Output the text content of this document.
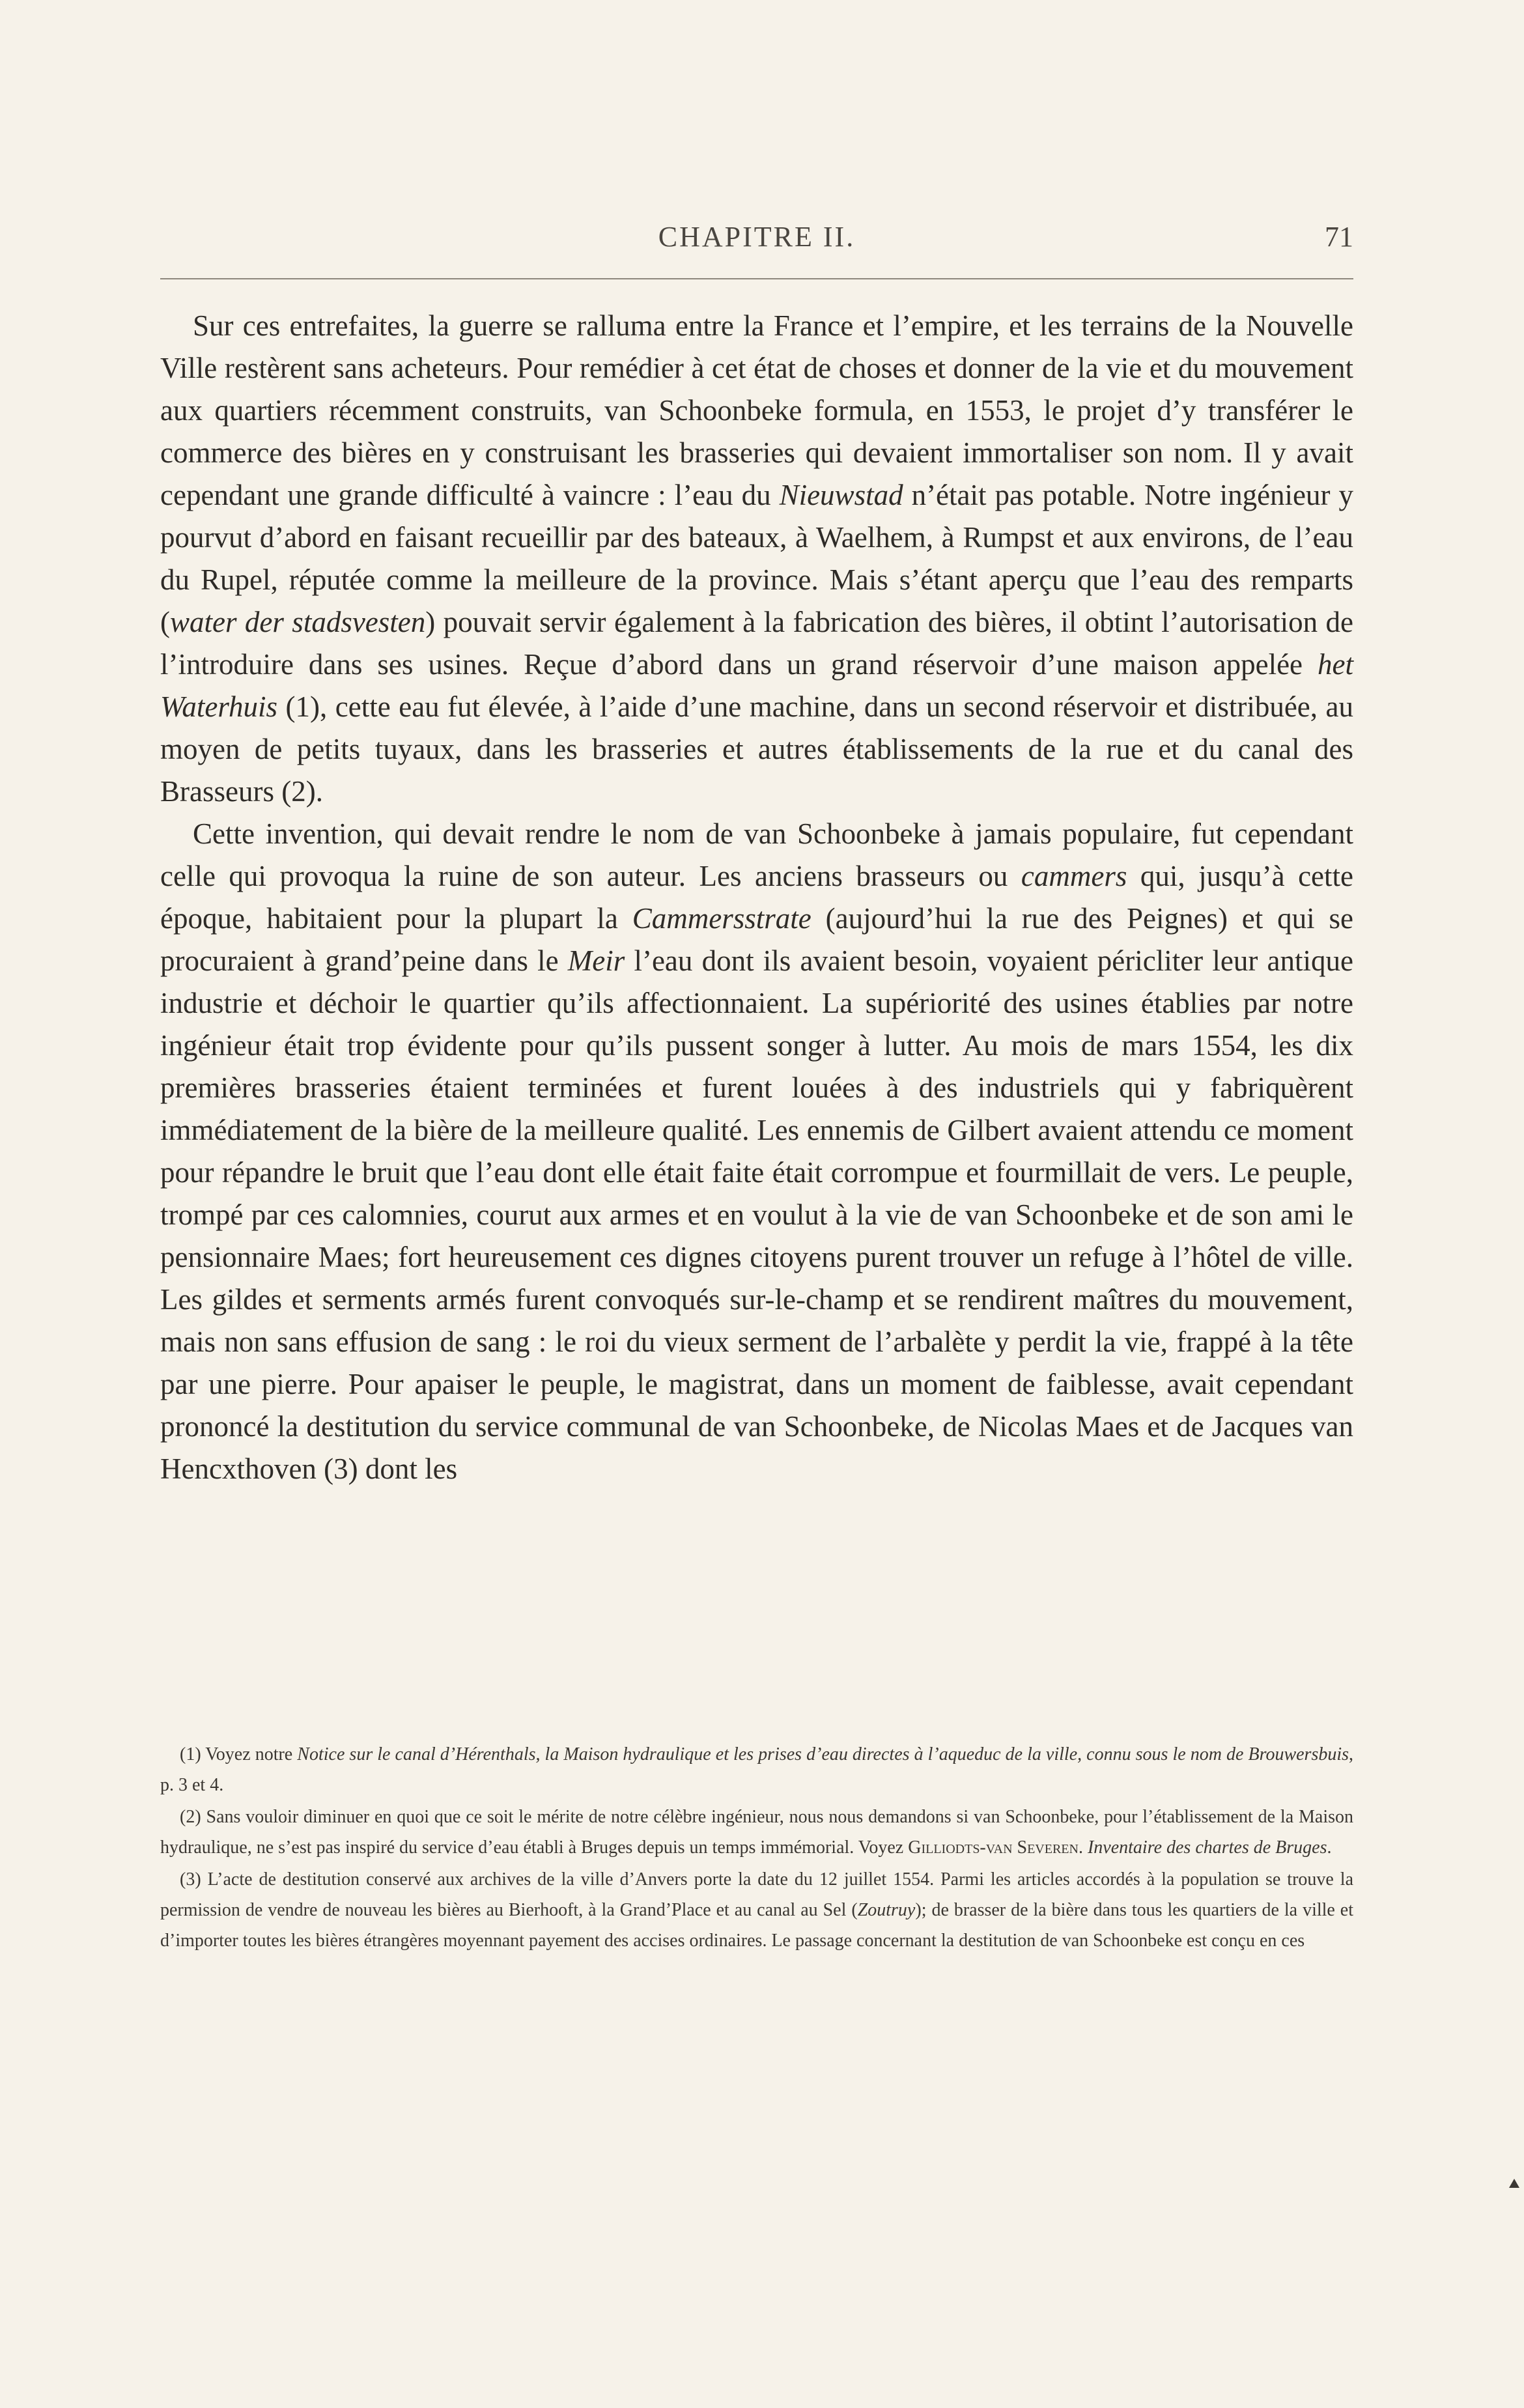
CHAPITRE II.	71

Sur ces entrefaites, la guerre se ralluma entre la France et l’empire, et les terrains de la Nouvelle Ville restèrent sans acheteurs. Pour remédier à cet état de choses et donner de la vie et du mouvement aux quartiers récemment construits, van Schoonbeke formula, en 1553, le projet d’y transférer le commerce des bières en y construisant les brasseries qui devaient immortaliser son nom. Il y avait cependant une grande difficulté à vaincre : l’eau du Nieuwstad n’était pas potable. Notre ingénieur y pourvut d’abord en faisant recueillir par des bateaux, à Waelhem, à Rumpst et aux environs, de l’eau du Rupel, réputée comme la meilleure de la province. Mais s’étant aperçu que l’eau des remparts (water der stadsvesten) pouvait servir également à la fabrication des bières, il obtint l’autorisation de l’introduire dans ses usines. Reçue d’abord dans un grand réservoir d’une maison appelée het Waterhuis (1), cette eau fut élevée, à l’aide d’une machine, dans un second réservoir et distribuée, au moyen de petits tuyaux, dans les brasseries et autres établissements de la rue et du canal des Brasseurs (2).

Cette invention, qui devait rendre le nom de van Schoonbeke à jamais populaire, fut cependant celle qui provoqua la ruine de son auteur. Les anciens brasseurs ou cammers qui, jusqu’à cette époque, habitaient pour la plupart la Cammersstrate (aujourd’hui la rue des Peignes) et qui se procuraient à grand’peine dans le Meir l’eau dont ils avaient besoin, voyaient péricliter leur antique industrie et déchoir le quartier qu’ils affectionnaient. La supériorité des usines établies par notre ingénieur était trop évidente pour qu’ils pussent songer à lutter. Au mois de mars 1554, les dix premières brasseries étaient terminées et furent louées à des industriels qui y fabriquèrent immédiatement de la bière de la meilleure qualité. Les ennemis de Gilbert avaient attendu ce moment pour répandre le bruit que l’eau dont elle était faite était corrompue et fourmillait de vers. Le peuple, trompé par ces calomnies, courut aux armes et en voulut à la vie de van Schoonbeke et de son ami le pensionnaire Maes; fort heureusement ces dignes citoyens purent trouver un refuge à l’hôtel de ville. Les gildes et serments armés furent convoqués sur-le-champ et se rendirent maîtres du mouvement, mais non sans effusion de sang : le roi du vieux serment de l’arbalète y perdit la vie, frappé à la tête par une pierre. Pour apaiser le peuple, le magistrat, dans un moment de faiblesse, avait cependant prononcé la destitution du service communal de van Schoonbeke, de Nicolas Maes et de Jacques van Hencxthoven (3) dont les

(1) Voyez notre Notice sur le canal d’Hérenthals, la Maison hydraulique et les prises d’eau directes à l’aqueduc de la ville, connu sous le nom de Brouwersbuis, p. 3 et 4.

(2) Sans vouloir diminuer en quoi que ce soit le mérite de notre célèbre ingénieur, nous nous demandons si van Schoonbeke, pour l’établissement de la Maison hydraulique, ne s’est pas inspiré du service d’eau établi à Bruges depuis un temps immémorial. Voyez Gilliodts-van Severen. Inventaire des chartes de Bruges.

(3) L’acte de destitution conservé aux archives de la ville d’Anvers porte la date du 12 juillet 1554. Parmi les articles accordés à la population se trouve la permission de vendre de nouveau les bières au Bierhooft, à la Grand’Place et au canal au Sel (Zoutruy); de brasser de la bière dans tous les quartiers de la ville et d’importer toutes les bières étrangères moyennant payement des accises ordinaires. Le passage concernant la destitution de van Schoonbeke est conçu en ces
